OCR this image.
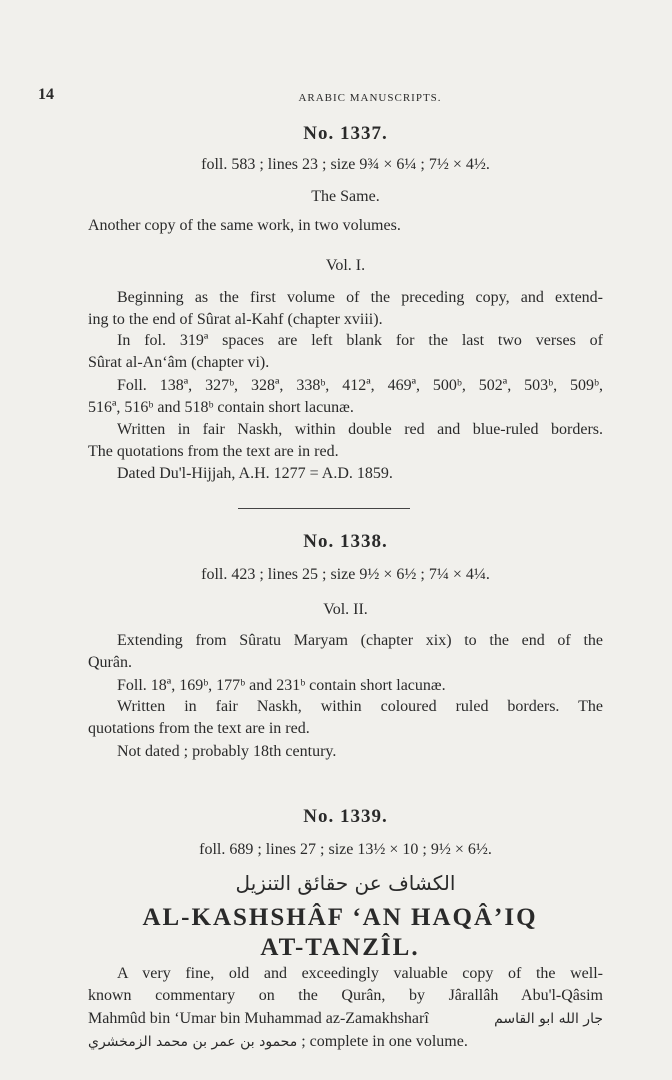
14	ARABIC MANUSCRIPTS.
No. 1337.
foll. 583 ; lines 23 ; size 9¾ × 6¼ ; 7½ × 4½.
The Same.
Another copy of the same work, in two volumes.
Vol. I.
Beginning as the first volume of the preceding copy, and extend-
ing to the end of Sûrat al-Kahf (chapter xviii).
In fol. 319ª spaces are left blank for the last two verses of
Sûrat al-An‘âm (chapter vi).
Foll. 138ª, 327ᵇ, 328ª, 338ᵇ, 412ª, 469ª, 500ᵇ, 502ª, 503ᵇ, 509ᵇ,
516ª, 516ᵇ and 518ᵇ contain short lacunæ.
Written in fair Naskh, within double red and blue-ruled borders.
The quotations from the text are in red.
Dated Du'l-Hijjah, A.H. 1277 = A.D. 1859.
No. 1338.
foll. 423 ; lines 25 ; size 9½ × 6½ ; 7¼ × 4¼.
Vol. II.
Extending from Sûratu Maryam (chapter xix) to the end of the
Qurân.
Foll. 18ª, 169ᵇ, 177ᵇ and 231ᵇ contain short lacunæ.
Written in fair Naskh, within coloured ruled borders. The
quotations from the text are in red.
Not dated ; probably 18th century.
No. 1339.
foll. 689 ; lines 27 ; size 13½ × 10 ; 9½ × 6½.
الكشاف عن حقائق التنزيل
AL-KASHSHÂF ‘AN HAQÂ’IQ
AT-TANZÎL.
A very fine, old and exceedingly valuable copy of the well-
known commentary on the Qurân, by Jârallâh Abu'l-Qâsim
Mahmûd bin ‘Umar bin Muhammad az-Zamakhsharî	جار الله ابو القاسم
محمود بن عمر بن محمد الزمخشري ; complete in one volume.
